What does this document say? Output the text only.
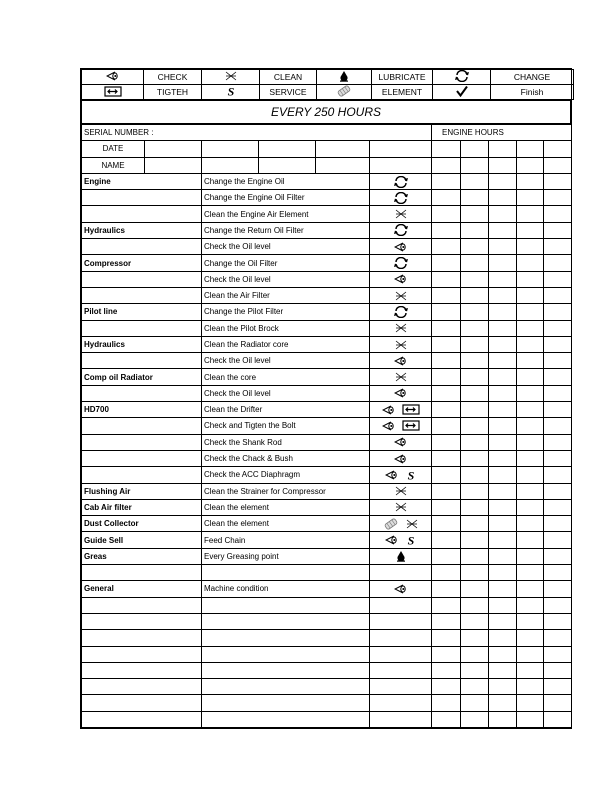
	CHECK		CLEAN		LUBRICATE		CHANGE
	TIGTEH	S	SERVICE		ELEMENT		Finish
EVERY 250 HOURS
SERIAL NUMBER :						ENGINE HOURS				
DATE										
NAME										
Engine		Change the Engine Oil						
		Change the Engine Oil Filter						
		Clean the Engine Air Element						
Hydraulics		Change the Return Oil Filter						
		Check the Oil level						
Compressor		Change the Oil Filter						
		Check the Oil level						
		Clean the Air Filter						
Pilot line		Change the Pilot Filter						
		Clean the Pilot Brock						
Hydraulics		Clean the Radiator core						
		Check the Oil level						
Comp oil Radiator		Clean the core						
		Check the Oil level						
HD700		Clean the Drifter						
		Check and Tigten the Bolt						
		Check the Shank Rod						
		Check the Chack & Bush						
		Check the ACC Diaphragm			S					

Flushing Air		Clean the Strainer for Compressor						
Cab Air filter		Clean the element						
Dust Collector		Clean the element						
Guide Sell		Feed Chain			S					

Greas		Every Greasing point						

General		Machine condition						
